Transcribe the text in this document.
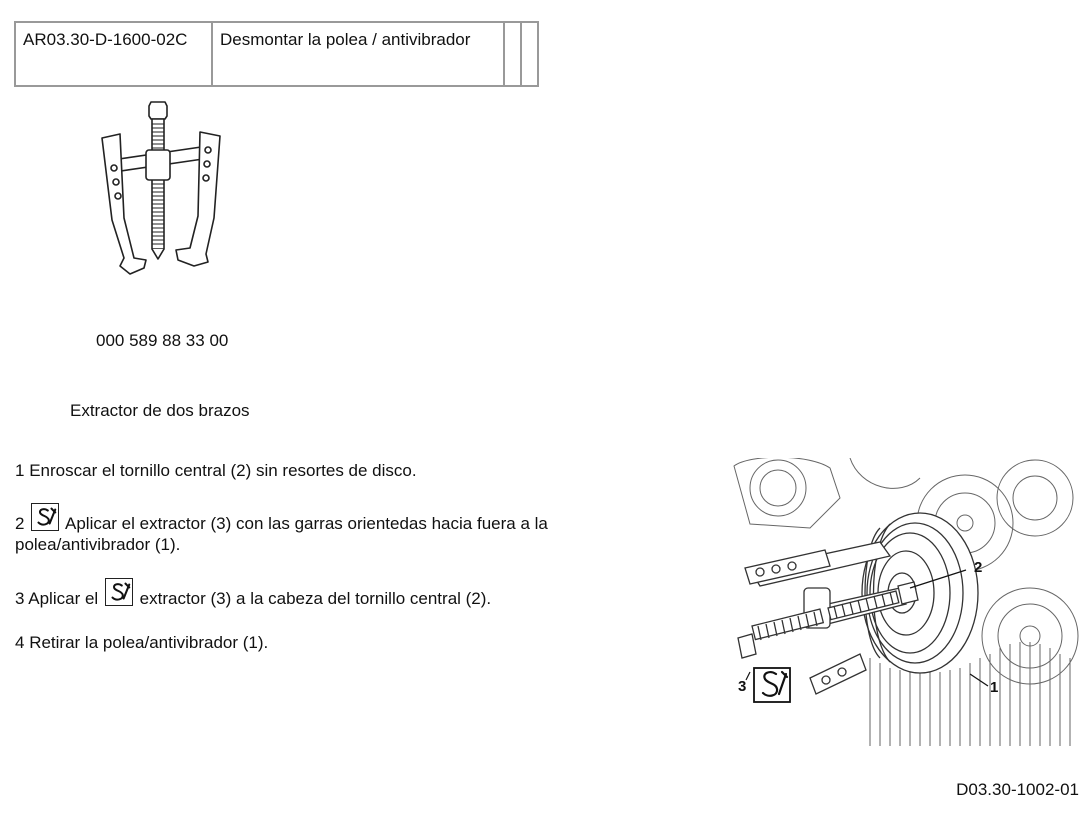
AR03.30-D-1600-02C	Desmontar la polea / antivibrador		
000 589 88 33 00
Extractor de dos brazos
1 Enroscar el tornillo central (2) sin resortes de disco.
2 Aplicar el extractor (3) con las garras orientedas hacia fuera a la polea/antivibrador (1).
3 Aplicar el extractor (3) a la cabeza del tornillo central (2).
4 Retirar la polea/antivibrador (1).
2
1
3
D03.30-1002-01
